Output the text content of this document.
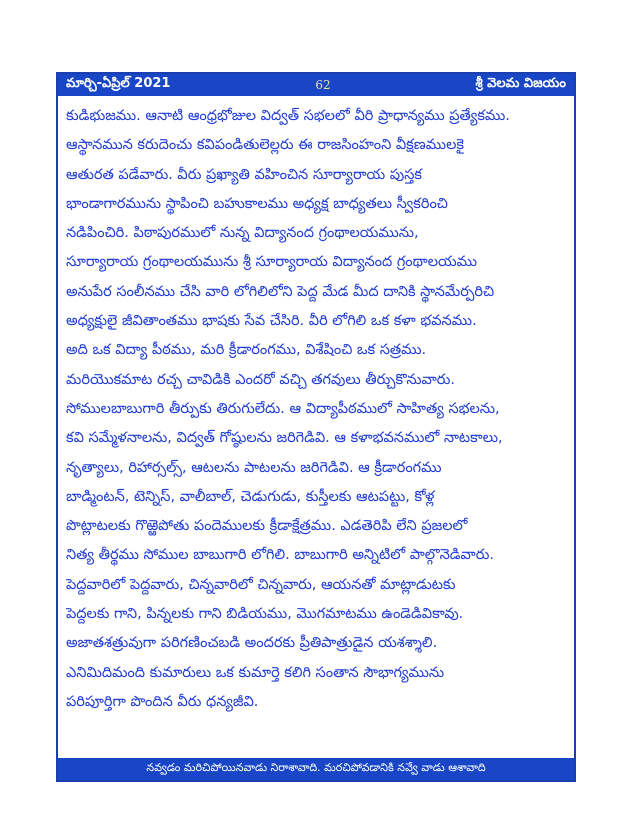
మార్చి-ఏప్రిల్ 2021	62	శ్రీ వెలమ విజయం
కుడిభుజము. ఆనాటి ఆంధ్రభోజుల విద్వత్ సభలలో వీరి ప్రాధాన్యము ప్రత్యేకము.
ఆస్థానమున కరుదెంచు కవిపండితులెల్లరు ఈ రాజసింహంని వీక్షణములకై
ఆతురత పడేవారు. వీరు ప్రఖ్యాతి వహించిన సూర్యారాయ పుస్తక
భాండాగారమును స్థాపించి బహుకాలము అధ్యక్ష బాధ్యతలు స్వీకరించి
నడిపించిరి. పిఠాపురములో నున్న విద్యానంద గ్రంథాలయమును,
సూర్యారాయ గ్రంథాలయమును శ్రీ సూర్యారాయ విద్యానంద గ్రంథాలయము
అనుపేర సంలీనము చేసి వారి లోగిలిలోని పెద్ద మేడ మీద దానికి స్థానమేర్పరిచి
అధ్యక్షులై జీవితాంతము భాషకు సేవ చేసిరి. వీరి లోగిలి ఒక కళా భవనము.
అది ఒక విద్యా పీఠము, మరి క్రీడారంగము, విశేషించి ఒక సత్రము.
మరియొకమాట రచ్చ చావిడికి ఎందరో వచ్చి తగవులు తీర్చుకొనువారు.
సోములబాబుగారి తీర్పుకు తిరుగులేదు. ఆ విద్యాపీఠములో సాహిత్య సభలను,
కవి సమ్మేళనాలను, విద్వత్ గోష్ఠులను జరిగెడివి. ఆ కళాభవనములో నాటకాలు,
నృత్యాలు, రిహార్సల్స్, ఆటలను పాటలను జరిగెడివి. ఆ క్రీడారంగము
బాడ్మింటన్, టెన్నిస్, వాలీబాల్, చెడుగుడు, కుస్తీలకు ఆటపట్టు, కోళ్ల
పొట్లాటలకు గొఱ్ఱెపోతు పందెములకు క్రీడాక్షేత్రము. ఎడతెరిపి లేని ప్రజలలో
నిత్య తీర్థము సోముల బాబుగారి లోగిలి. బాబుగారి అన్నిటిలో పాల్గొనెడివారు.
పెద్దవారిలో పెద్దవారు, చిన్నవారిలో చిన్నవారు, ఆయనతో మాట్లాడుటకు
పెద్దలకు గాని, పిన్నలకు గాని బిడియము, మొగమాటము ఉండెడివికావు.
అజాతశత్రువుగా పరిగణించబడి అందరకు ప్రీతిపాత్రుడైన యశశ్శాలి.
ఎనిమిదిమంది కుమారులు ఒక కుమార్తె కలిగి సంతాన సౌభాగ్యమును
పరిపూర్తిగా పొందిన వీరు ధన్యజీవి.
నవ్వడం మరిచిపోయినవాడు నిరాశావాది. మరచిపోవడానికి నవ్వే వాడు ఆశావాది
